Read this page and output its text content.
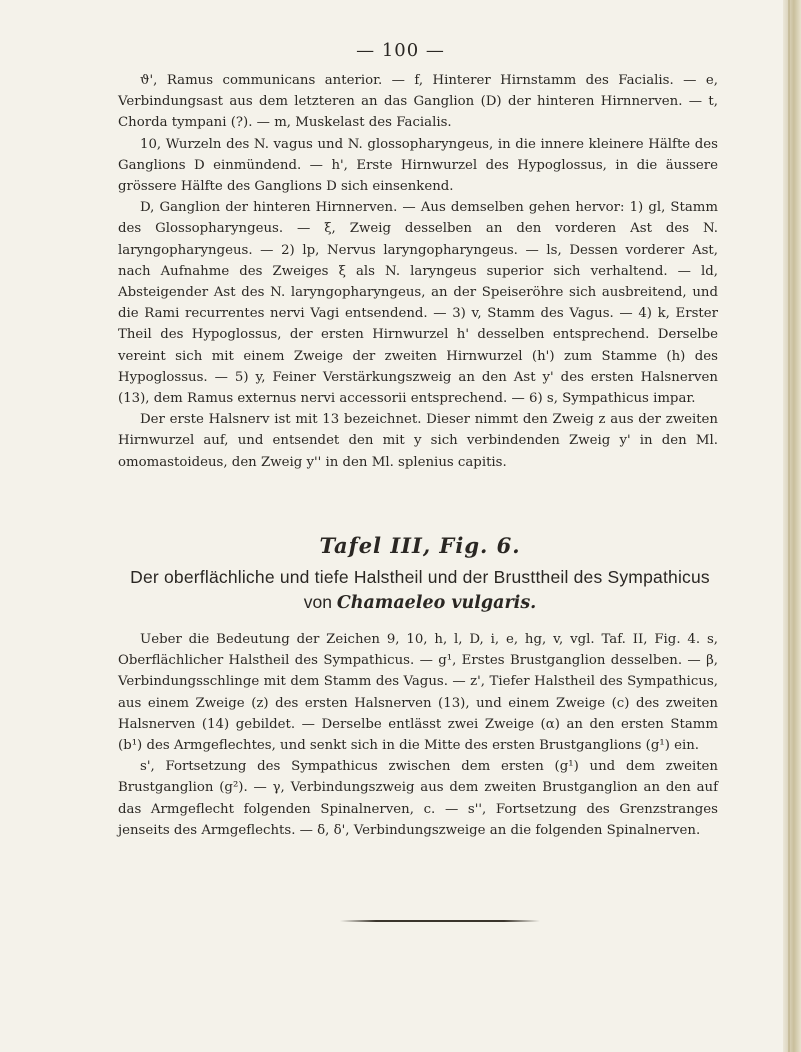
— 100 —

ϑ', Ramus communicans anterior. — f, Hinterer Hirnstamm des Facialis. — e, Verbindungsast aus dem letzteren an das Ganglion (D) der hinteren Hirnnerven. — t, Chorda tympani (?). — m, Muskelast des Facialis.

10, Wurzeln des N. vagus und N. glossopharyngeus, in die innere kleinere Hälfte des Ganglions D einmündend. — h', Erste Hirnwurzel des Hypoglossus, in die äussere grössere Hälfte des Ganglions D sich einsenkend.

D, Ganglion der hinteren Hirnnerven. — Aus demselben gehen hervor: 1) gl, Stamm des Glossopharyngeus. — ξ, Zweig desselben an den vorderen Ast des N. laryngopharyngeus. — 2) lp, Nervus laryngopharyngeus. — ls, Dessen vorderer Ast, nach Aufnahme des Zweiges ξ als N. laryngeus superior sich verhaltend. — ld, Absteigender Ast des N. laryngopharyngeus, an der Speiseröhre sich ausbreitend, und die Rami recurrentes nervi Vagi entsendend. — 3) v, Stamm des Vagus. — 4) k, Erster Theil des Hypoglossus, der ersten Hirnwurzel h' desselben entsprechend. Derselbe vereint sich mit einem Zweige der zweiten Hirnwurzel (h') zum Stamme (h) des Hypoglossus. — 5) y, Feiner Verstärkungszweig an den Ast y' des ersten Halsnerven (13), dem Ramus externus nervi accessorii entsprechend. — 6) s, Sympathicus impar.

Der erste Halsnerv ist mit 13 bezeichnet. Dieser nimmt den Zweig z aus der zweiten Hirnwurzel auf, und entsendet den mit y sich verbindenden Zweig y' in den Ml. omomastoideus, den Zweig y'' in den Ml. splenius capitis.

Tafel III, Fig. 6.
Der oberflächliche und tiefe Halstheil und der Brusttheil des Sympathicus
von Chamaeleo vulgaris.

Ueber die Bedeutung der Zeichen 9, 10, h, l, D, i, e, hg, v, vgl. Taf. II, Fig. 4. s, Oberflächlicher Halstheil des Sympathicus. — g¹, Erstes Brustganglion desselben. — β, Verbindungsschlinge mit dem Stamm des Vagus. — z', Tiefer Halstheil des Sympathicus, aus einem Zweige (z) des ersten Halsnerven (13), und einem Zweige (c) des zweiten Halsnerven (14) gebildet. — Derselbe entlässt zwei Zweige (α) an den ersten Stamm (b¹) des Armgeflechtes, und senkt sich in die Mitte des ersten Brustganglions (g¹) ein.

s', Fortsetzung des Sympathicus zwischen dem ersten (g¹) und dem zweiten Brustganglion (g²). — γ, Verbindungszweig aus dem zweiten Brustganglion an den auf das Armgeflecht folgenden Spinalnerven, c. — s'', Fortsetzung des Grenzstranges jenseits des Armgeflechts. — δ, δ', Verbindungszweige an die folgenden Spinalnerven.
